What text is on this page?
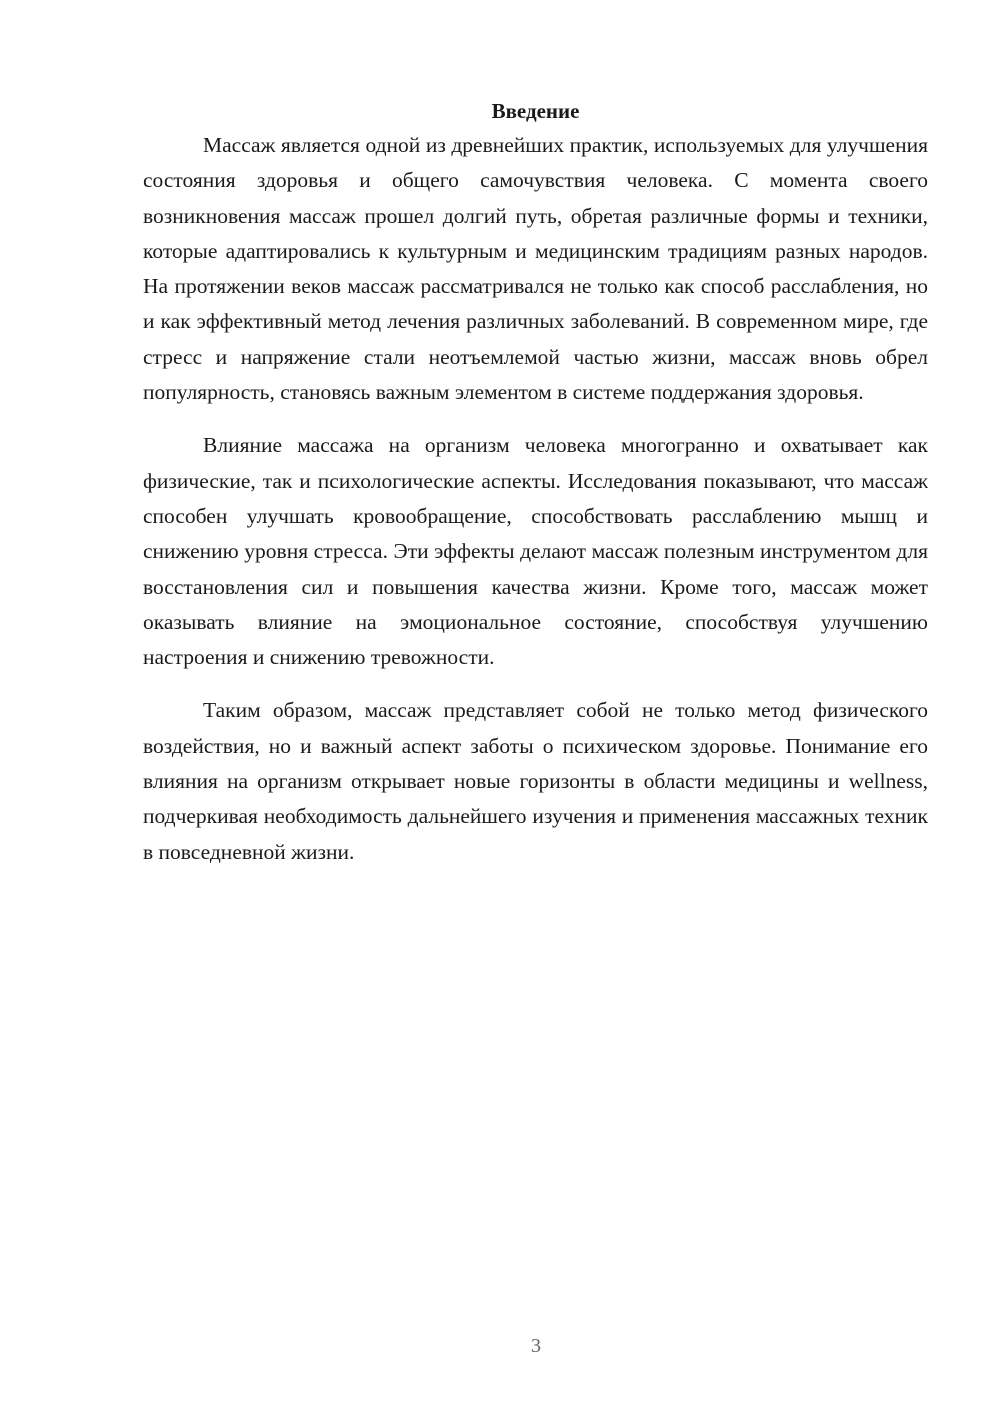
Введение

Массаж является одной из древнейших практик, используемых для улучшения состояния здоровья и общего самочувствия человека. С момента своего возникновения массаж прошел долгий путь, обретая различные формы и техники, которые адаптировались к культурным и медицинским традициям разных народов. На протяжении веков массаж рассматривался не только как способ расслабления, но и как эффективный метод лечения различных заболеваний. В современном мире, где стресс и напряжение стали неотъемлемой частью жизни, массаж вновь обрел популярность, становясь важным элементом в системе поддержания здоровья.

Влияние массажа на организм человека многогранно и охватывает как физические, так и психологические аспекты. Исследования показывают, что массаж способен улучшать кровообращение, способствовать расслаблению мышц и снижению уровня стресса. Эти эффекты делают массаж полезным инструментом для восстановления сил и повышения качества жизни. Кроме того, массаж может оказывать влияние на эмоциональное состояние, способствуя улучшению настроения и снижению тревожности.

Таким образом, массаж представляет собой не только метод физического воздействия, но и важный аспект заботы о психическом здоровье. Понимание его влияния на организм открывает новые горизонты в области медицины и wellness, подчеркивая необходимость дальнейшего изучения и применения массажных техник в повседневной жизни.

3
